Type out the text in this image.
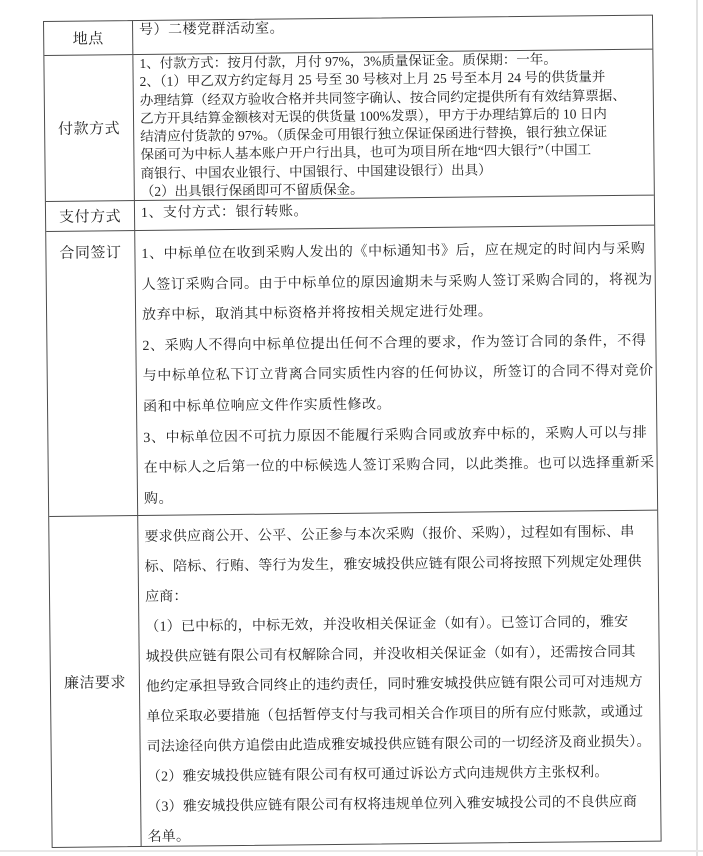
地点
号）二楼党群活动室。
付款方式
1、付款方式：按月付款，月付 97%，3%质量保证金。质保期：一年。
2、（1）甲乙双方约定每月 25 号至 30 号核对上月 25 号至本月 24 号的供货量并
办理结算（经双方验收合格并共同签字确认、按合同约定提供所有有效结算票据、
乙方开具结算金额核对无误的供货量 100%发票），甲方于办理结算后的 10 日内
结清应付货款的 97%。（质保金可用银行独立保证保函进行替换，银行独立保证
保函可为中标人基本账户开户行出具，也可为项目所在地“四大银行”（中国工
商银行、中国农业银行、中国银行、中国建设银行）出具）
（2）出具银行保函即可不留质保金。
支付方式	1、支付方式：银行转账。
合同签订	1、中标单位在收到采购人发出的《中标通知书》后，应在规定的时间内与采购
人签订采购合同。由于中标单位的原因逾期未与采购人签订采购合同的，将视为
放弃中标，取消其中标资格并将按相关规定进行处理。
2、采购人不得向中标单位提出任何不合理的要求，作为签订合同的条件，不得
与中标单位私下订立背离合同实质性内容的任何协议，所签订的合同不得对竞价
函和中标单位响应文件作实质性修改。
3、中标单位因不可抗力原因不能履行采购合同或放弃中标的，采购人可以与排
在中标人之后第一位的中标候选人签订采购合同，以此类推。也可以选择重新采
购。
廉洁要求
要求供应商公开、公平、公正参与本次采购（报价、采购），过程如有围标、串
标、陪标、行贿、等行为发生，雅安城投供应链有限公司将按照下列规定处理供
应商：
（1）已中标的，中标无效，并没收相关保证金（如有）。已签订合同的，雅安
城投供应链有限公司有权解除合同，并没收相关保证金（如有），还需按合同其
他约定承担导致合同终止的违约责任，同时雅安城投供应链有限公司可对违规方
单位采取必要措施（包括暂停支付与我司相关合作项目的所有应付账款，或通过
司法途径向供方追偿由此造成雅安城投供应链有限公司的一切经济及商业损失）。
（2）雅安城投供应链有限公司有权可通过诉讼方式向违规供方主张权利。
（3）雅安城投供应链有限公司有权将违规单位列入雅安城投公司的不良供应商
名单。
